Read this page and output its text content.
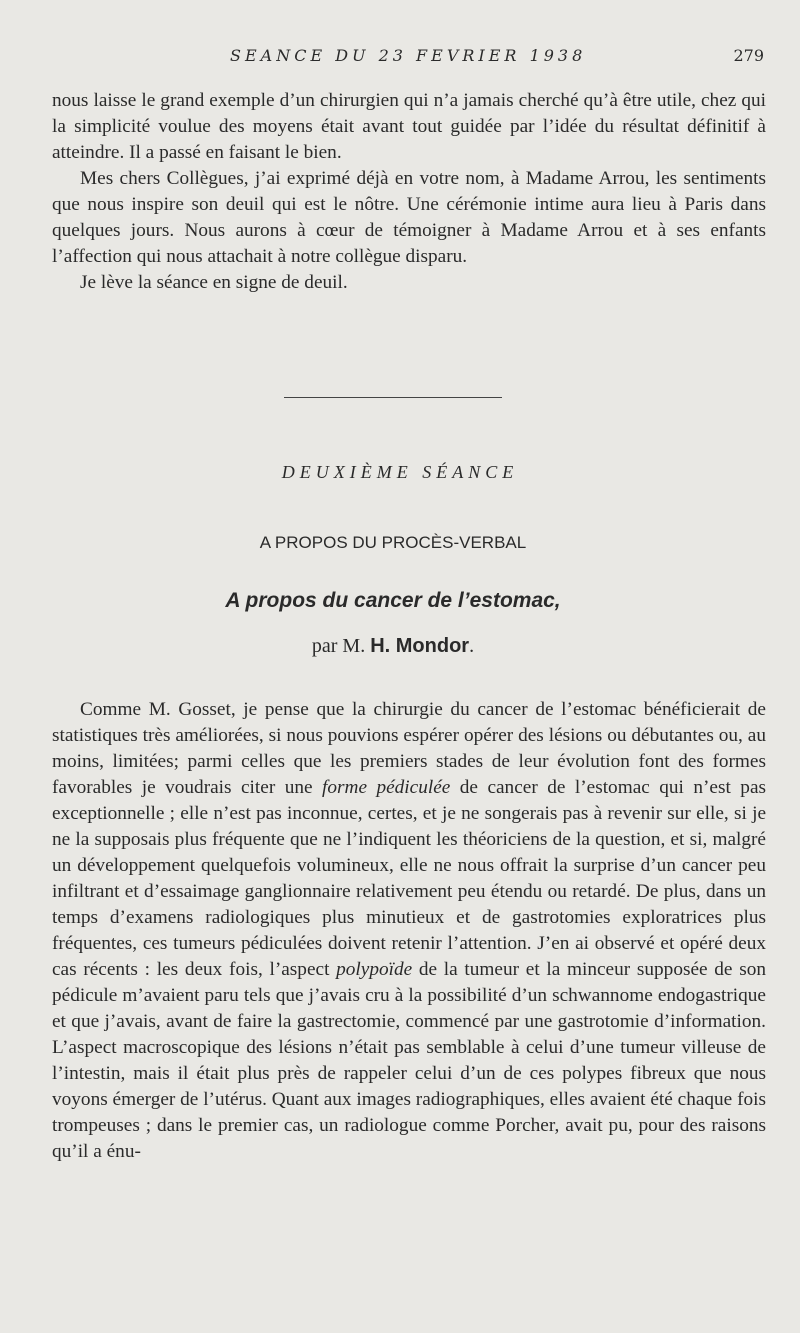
SEANCE DU 23 FEVRIER 1938	279

nous laisse le grand exemple d’un chirurgien qui n’a jamais cherché qu’à être utile, chez qui la simplicité voulue des moyens était avant tout guidée par l’idée du résultat définitif à atteindre. Il a passé en faisant le bien.

Mes chers Collègues, j’ai exprimé déjà en votre nom, à Madame Arrou, les sentiments que nous inspire son deuil qui est le nôtre. Une cérémonie intime aura lieu à Paris dans quelques jours. Nous aurons à cœur de témoigner à Madame Arrou et à ses enfants l’affection qui nous attachait à notre collègue disparu.

Je lève la séance en signe de deuil.

DEUXIÈME SÉANCE
A PROPOS DU PROCÈS-VERBAL
A propos du cancer de l’estomac,
par M. H. Mondor.

Comme M. Gosset, je pense que la chirurgie du cancer de l’estomac bénéficierait de statistiques très améliorées, si nous pouvions espérer opérer des lésions ou débutantes ou, au moins, limitées; parmi celles que les premiers stades de leur évolution font des formes favorables je voudrais citer une forme pédiculée de cancer de l’estomac qui n’est pas exceptionnelle ; elle n’est pas inconnue, certes, et je ne songerais pas à revenir sur elle, si je ne la supposais plus fréquente que ne l’indiquent les théoriciens de la question, et si, malgré un développement quelquefois volumineux, elle ne nous offrait la surprise d’un cancer peu infiltrant et d’essaimage ganglionnaire relativement peu étendu ou retardé. De plus, dans un temps d’examens radiologiques plus minutieux et de gastrotomies exploratrices plus fréquentes, ces tumeurs pédiculées doivent retenir l’attention. J’en ai observé et opéré deux cas récents : les deux fois, l’aspect polypoïde de la tumeur et la minceur supposée de son pédicule m’avaient paru tels que j’avais cru à la possibilité d’un schwannome endogastrique et que j’avais, avant de faire la gastrectomie, commencé par une gastrotomie d’information. L’aspect macroscopique des lésions n’était pas semblable à celui d’une tumeur villeuse de l’intestin, mais il était plus près de rappeler celui d’un de ces polypes fibreux que nous voyons émerger de l’utérus. Quant aux images radiographiques, elles avaient été chaque fois trompeuses ; dans le premier cas, un radiologue comme Porcher, avait pu, pour des raisons qu’il a énu-
